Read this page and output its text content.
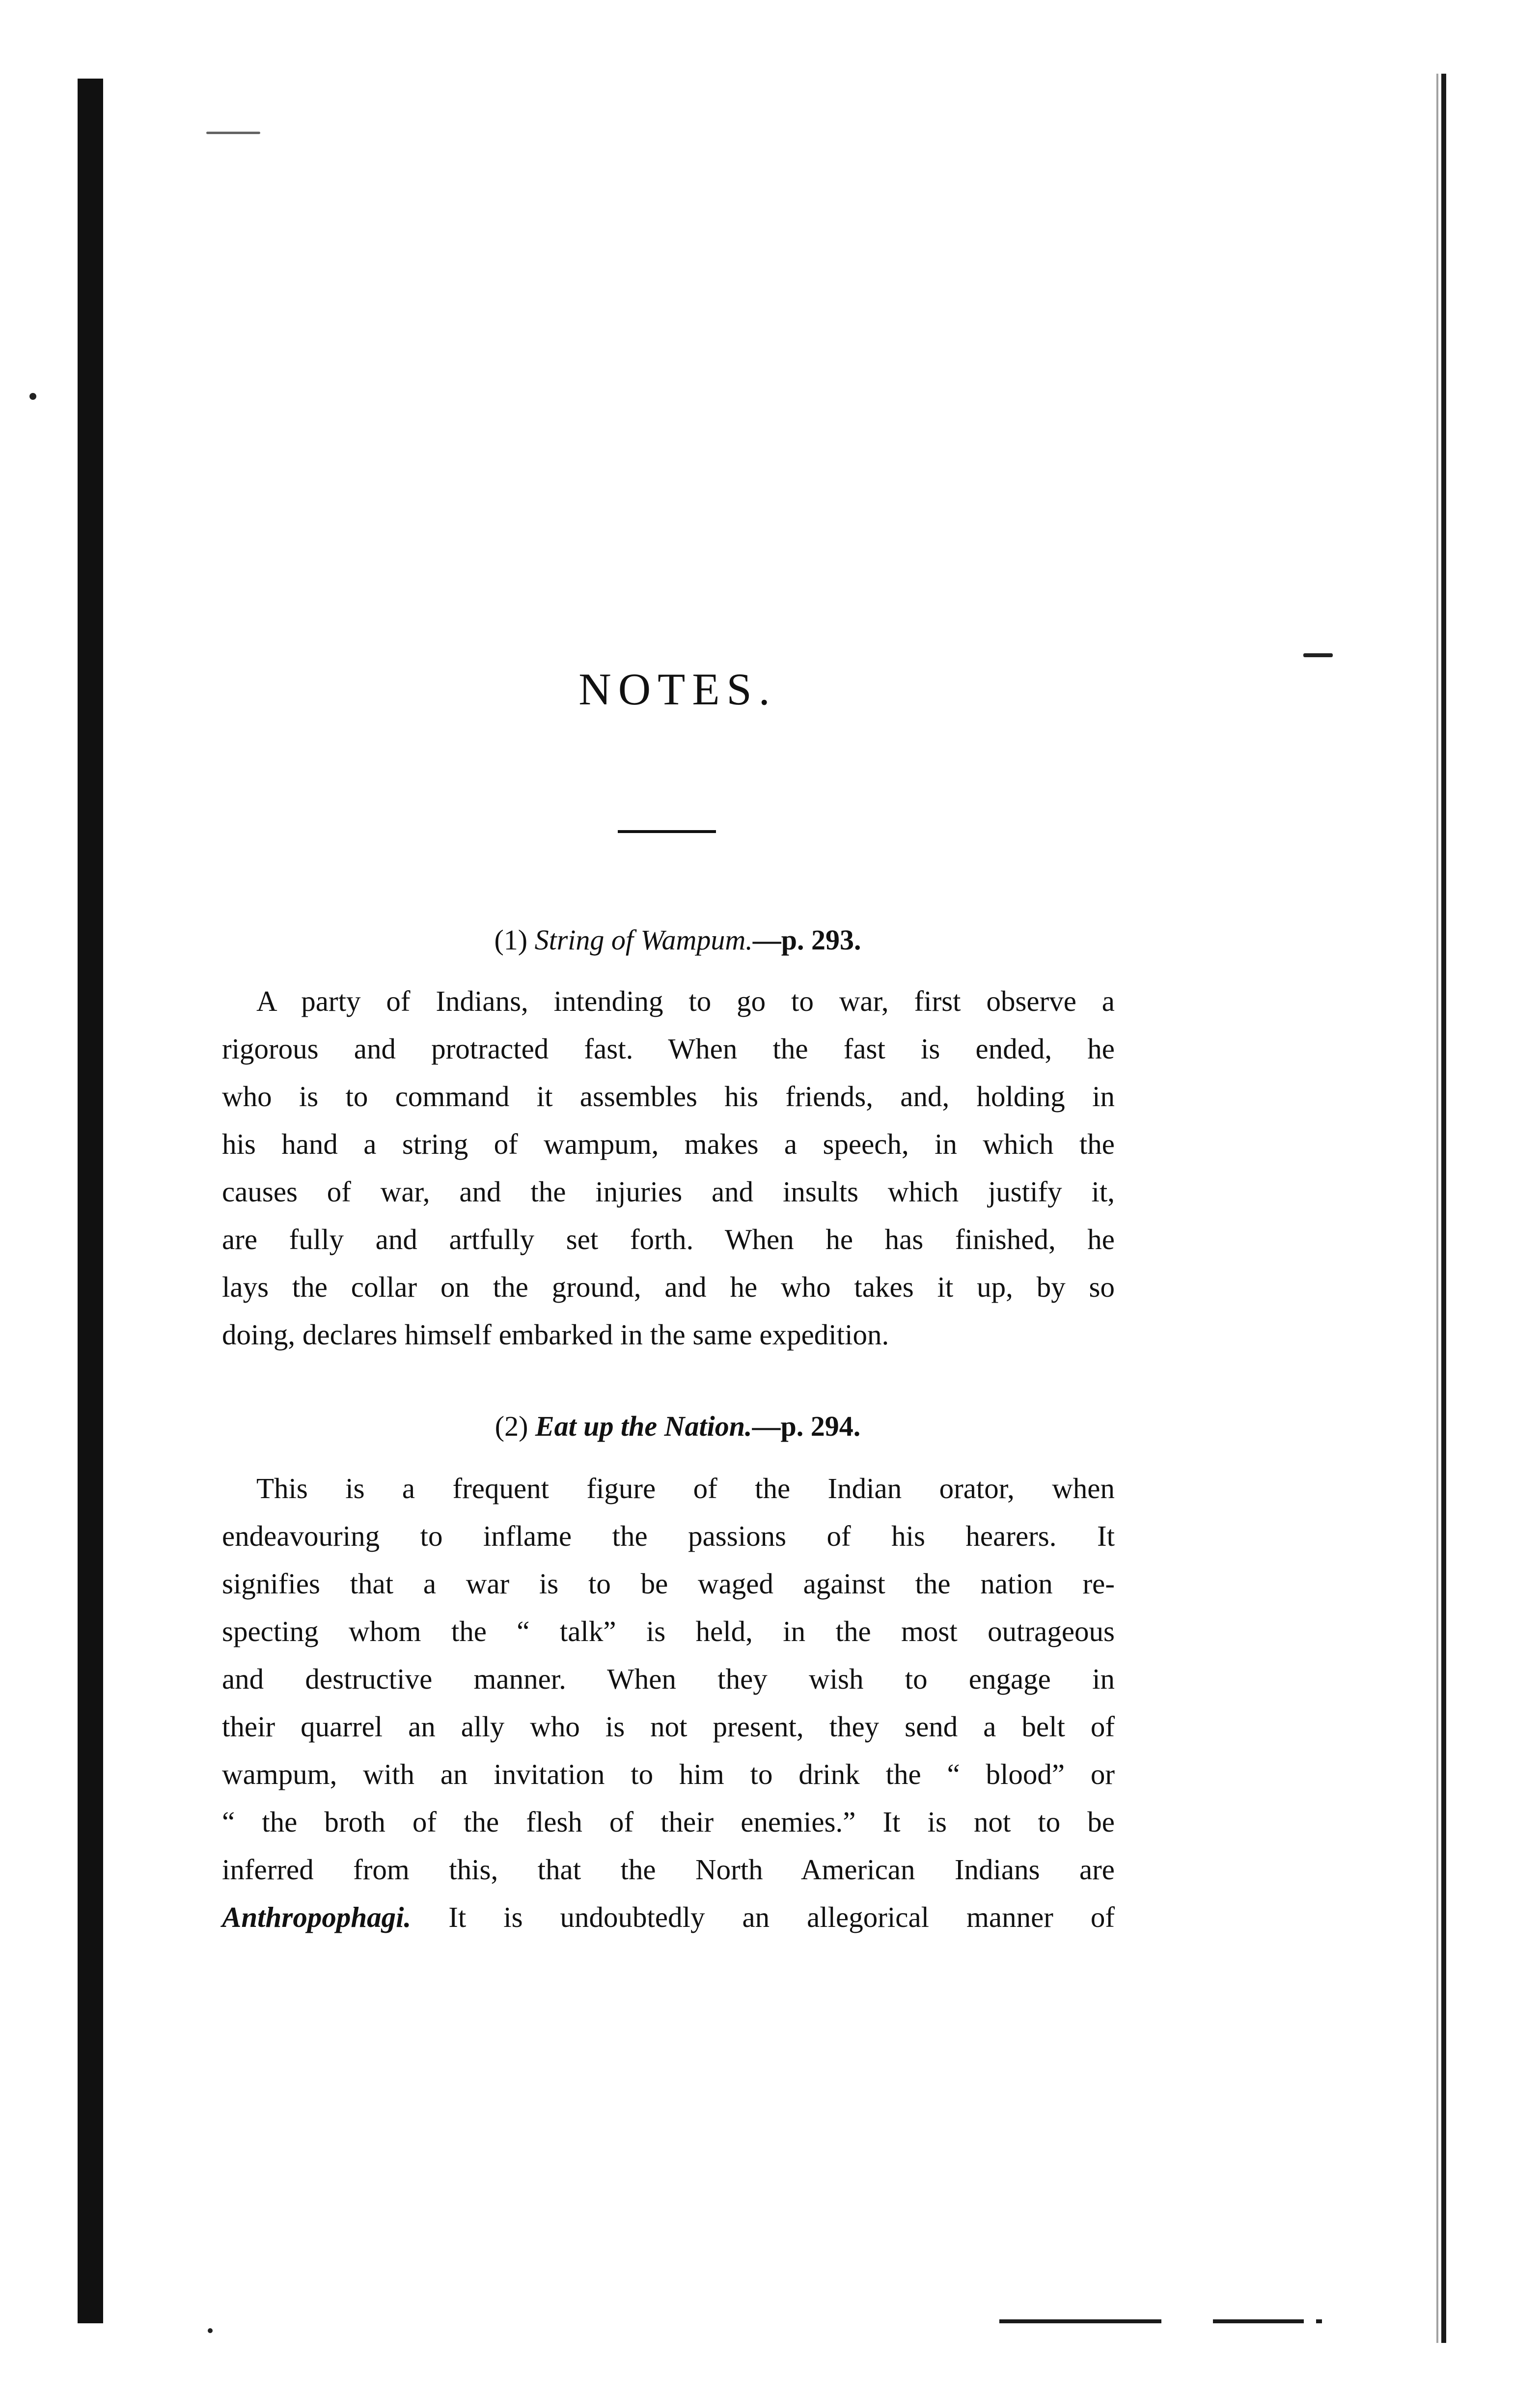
NOTES.
(1) String of Wampum.—p. 293.
A party of Indians, intending to go to war, first observe a
rigorous and protracted fast. When the fast is ended, he
who is to command it assembles his friends, and, holding in
his hand a string of wampum, makes a speech, in which the
causes of war, and the injuries and insults which justify it,
are fully and artfully set forth. When he has finished, he
lays the collar on the ground, and he who takes it up, by so
doing, declares himself embarked in the same expedition.
(2) Eat up the Nation.—p. 294.
This is a frequent figure of the Indian orator, when
endeavouring to inflame the passions of his hearers. It
signifies that a war is to be waged against the nation re-
specting whom the “ talk” is held, in the most outrageous
and destructive manner. When they wish to engage in
their quarrel an ally who is not present, they send a belt of
wampum, with an invitation to him to drink the “ blood” or
“ the broth of the flesh of their enemies.” It is not to be
inferred from this, that the North American Indians are
Anthropophagi. It is undoubtedly an allegorical manner of
